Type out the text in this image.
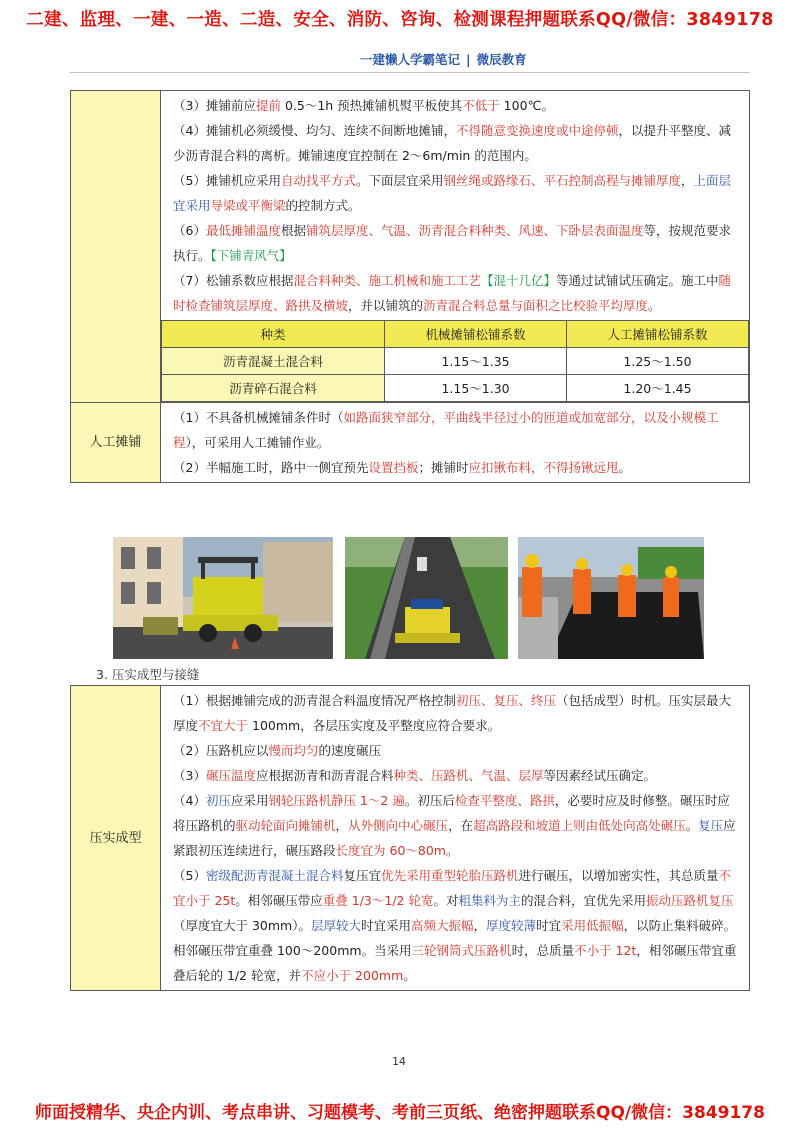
二建、监理、一建、一造、二造、安全、消防、咨询、检测课程押题联系QQ/微信：3849178
一建懒人学霸笔记 | 微辰教育

（3）摊铺前应提前 0.5～1h 预热摊铺机熨平板使其不低于 100℃。
（4）摊铺机必须缓慢、均匀、连续不间断地摊铺，不得随意变换速度或中途停顿，以提升平整度、减少沥青混合料的离析。摊铺速度宜控制在 2～6m/min 的范围内。
（5）摊铺机应采用自动找平方式。下面层宜采用钢丝绳或路缘石、平石控制高程与摊铺厚度，上面层宜采用导梁或平衡梁的控制方式。
（6）最低摊铺温度根据铺筑层厚度、气温、沥青混合料种类、风速、下卧层表面温度等，按规范要求执行。【下铺青风气】
（7）松铺系数应根据混合料种类、施工机械和施工工艺【混十几亿】等通过试铺试压确定。施工中随时检查铺筑层厚度、路拱及横坡，并以铺筑的沥青混合料总量与面积之比校验平均厚度。
种类	机械摊铺松铺系数	人工摊铺松铺系数
沥青混凝土混合料	1.15～1.35	1.25～1.50
沥青碎石混合料	1.15～1.30	1.20～1.45

人工摊铺	
（1）不具备机械摊铺条件时（如路面狭窄部分，平曲线半径过小的匝道或加宽部分，以及小规模工程），可采用人工摊铺作业。
（2）半幅施工时，路中一侧宜预先设置挡板；摊铺时应扣锹布料，不得扬锹远甩。
3. 压实成型与接缝
压实成型	
（1）根据摊铺完成的沥青混合料温度情况严格控制初压、复压、终压（包括成型）时机。压实层最大厚度不宜大于 100mm，各层压实度及平整度应符合要求。
（2）压路机应以慢而均匀的速度碾压
（3）碾压温度应根据沥青和沥青混合料种类、压路机、气温、层厚等因素经试压确定。
（4）初压应采用钢轮压路机静压 1～2 遍。初压后检查平整度、路拱，必要时应及时修整。碾压时应将压路机的驱动轮面向摊铺机，从外侧向中心碾压，在超高路段和坡道上则由低处向高处碾压。复压应紧跟初压连续进行，碾压路段长度宜为 60～80m。
（5）密级配沥青混凝土混合料复压宜优先采用重型轮胎压路机进行碾压，以增加密实性，其总质量不宜小于 25t。相邻碾压带应重叠 1/3～1/2 轮宽。对粗集料为主的混合料，宜优先采用振动压路机复压（厚度宜大于 30mm）。层厚较大时宜采用高频大振幅，厚度较薄时宜采用低振幅，以防止集料破碎。相邻碾压带宜重叠 100～200mm。当采用三轮钢筒式压路机时，总质量不小于 12t，相邻碾压带宜重叠后轮的 1/2 轮宽，并不应小于 200mm。
14
师面授精华、央企内训、考点串讲、习题模考、考前三页纸、绝密押题联系QQ/微信：3849178
